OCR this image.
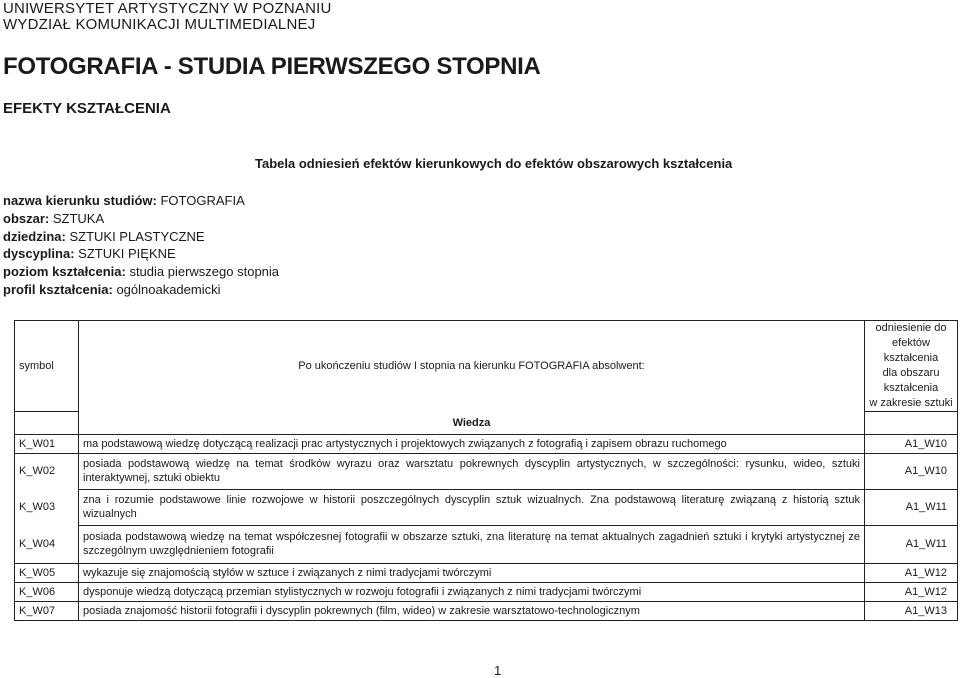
UNIWERSYTET ARTYSTYCZNY W POZNANIU
WYDZIAŁ KOMUNIKACJI MULTIMEDIALNEJ
FOTOGRAFIA - STUDIA PIERWSZEGO STOPNIA
EFEKTY KSZTAŁCENIA
Tabela odniesień efektów kierunkowych do efektów obszarowych kształcenia
nazwa kierunku studiów: FOTOGRAFIA
obszar: SZTUKA
dziedzina: SZTUKI PLASTYCZNE
dyscyplina: SZTUKI PIĘKNE
poziom kształcenia: studia pierwszego stopnia
profil kształcenia: ogólnoakademicki
symbol	Po ukończeniu studiów I stopnia na kierunku FOTOGRAFIA absolwent:	odniesienie do
efektów kształcenia
dla obszaru
kształcenia
w zakresie sztuki

	Wiedza	
K_W01	ma podstawową wiedzę dotyczącą realizacji prac artystycznych i projektowych związanych z fotografią i zapisem obrazu ruchomego	A1_W10
K_W02	posiada podstawową wiedzę na temat środków wyrazu oraz warsztatu pokrewnych dyscyplin artystycznych, w szczególności: rysunku, wideo, sztuki interaktywnej, sztuki obiektu	A1_W10
K_W03	zna i rozumie podstawowe linie rozwojowe w historii poszczególnych dyscyplin sztuk wizualnych. Zna podstawową literaturę związaną z historią sztuk wizualnych	A1_W11
K_W04	posiada podstawową wiedzę na temat współczesnej fotografii w obszarze sztuki, zna literaturę na temat aktualnych zagadnień sztuki i krytyki artystycznej ze szczególnym uwzględnieniem fotografii	A1_W11
K_W05	wykazuje się znajomością stylów w sztuce i związanych z nimi tradycjami twórczymi	A1_W12
K_W06	dysponuje wiedzą dotyczącą przemian stylistycznych w rozwoju fotografii i związanych z nimi tradycjami twórczymi	A1_W12
K_W07	posiada znajomość historii fotografii i dyscyplin pokrewnych (film, wideo) w zakresie warsztatowo-technologicznym	A1_W13
1
